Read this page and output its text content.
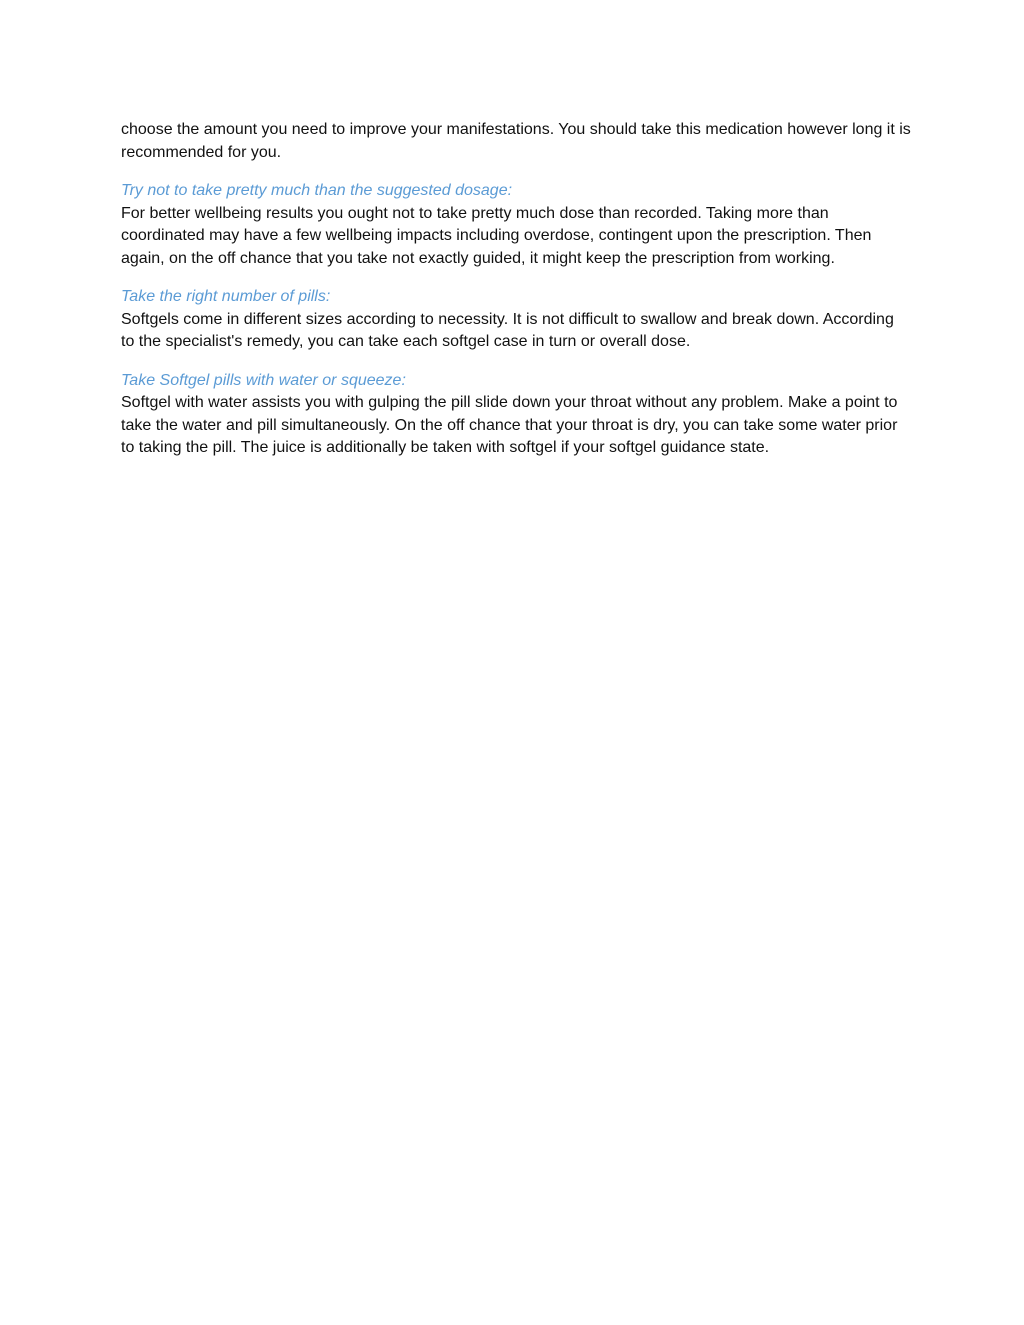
choose the amount you need to improve your manifestations. You should take this medication however long it is recommended for you.

Try not to take pretty much than the suggested dosage:

For better wellbeing results you ought not to take pretty much dose than recorded. Taking more than coordinated may have a few wellbeing impacts including overdose, contingent upon the prescription. Then again, on the off chance that you take not exactly guided, it might keep the prescription from working.

Take the right number of pills:

Softgels come in different sizes according to necessity. It is not difficult to swallow and break down. According to the specialist's remedy, you can take each softgel case in turn or overall dose.

Take Softgel pills with water or squeeze:

Softgel with water assists you with gulping the pill slide down your throat without any problem. Make a point to take the water and pill simultaneously. On the off chance that your throat is dry, you can take some water prior to taking the pill. The juice is additionally be taken with softgel if your softgel guidance state.
